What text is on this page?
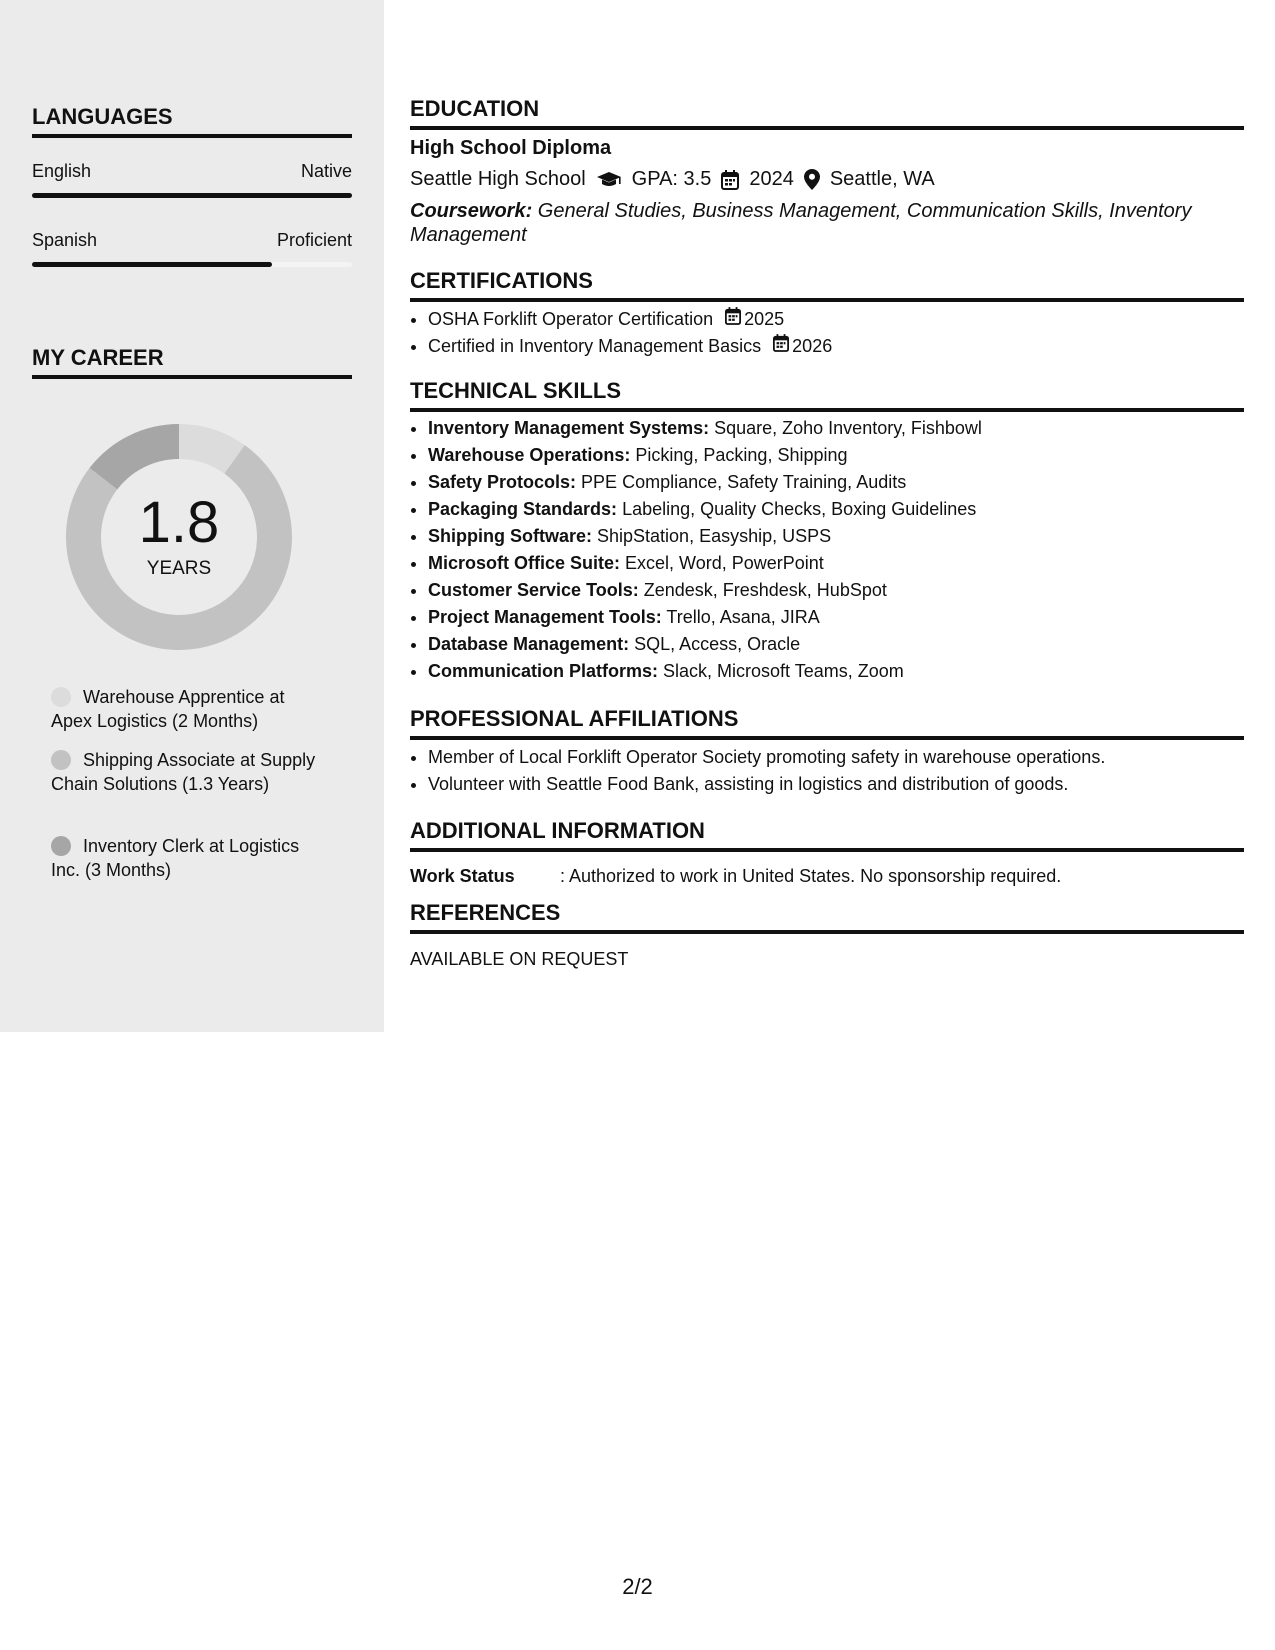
LANGUAGES
English	Native
Spanish	Proficient
MY CAREER
1.8
YEARS
Warehouse Apprentice at Apex Logistics (2 Months)
Shipping Associate at Supply Chain Solutions (1.3 Years)
Inventory Clerk at Logistics Inc. (3 Months)
EDUCATION
High School Diploma
Seattle High School GPA: 3.5 2024 Seattle, WA
Coursework: General Studies, Business Management, Communication Skills, Inventory Management
CERTIFICATIONS
• OSHA Forklift Operator Certification 2025
• Certified in Inventory Management Basics 2026
TECHNICAL SKILLS
• Inventory Management Systems: Square, Zoho Inventory, Fishbowl
• Warehouse Operations: Picking, Packing, Shipping
• Safety Protocols: PPE Compliance, Safety Training, Audits
• Packaging Standards: Labeling, Quality Checks, Boxing Guidelines
• Shipping Software: ShipStation, Easyship, USPS
• Microsoft Office Suite: Excel, Word, PowerPoint
• Customer Service Tools: Zendesk, Freshdesk, HubSpot
• Project Management Tools: Trello, Asana, JIRA
• Database Management: SQL, Access, Oracle
• Communication Platforms: Slack, Microsoft Teams, Zoom
PROFESSIONAL AFFILIATIONS
• Member of Local Forklift Operator Society promoting safety in warehouse operations.
• Volunteer with Seattle Food Bank, assisting in logistics and distribution of goods.
ADDITIONAL INFORMATION
Work Status	: Authorized to work in United States. No sponsorship required.
REFERENCES
AVAILABLE ON REQUEST
2/2
